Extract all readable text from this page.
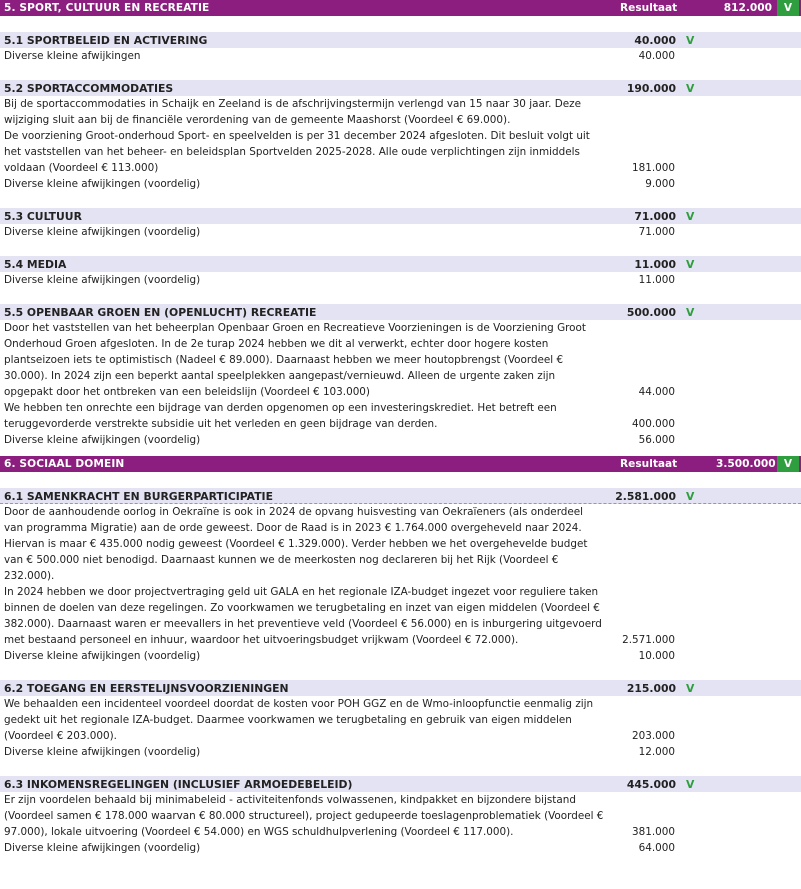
5. SPORT, CULTUUR EN RECREATIE	Resultaat	812.000	V
5.1 SPORTBELEID EN ACTIVERING	40.000 V
Diverse kleine afwijkingen	40.000
5.2 SPORTACCOMMODATIES	190.000 V
Bij de sportaccommodaties in Schaijk en Zeeland is de afschrijvingstermijn verlengd van 15 naar 30 jaar. Deze wijziging sluit aan bij de financiële verordening van de gemeente Maashorst (Voordeel € 69.000).
De voorziening Groot-onderhoud Sport- en speelvelden is per 31 december 2024 afgesloten. Dit besluit volgt uit het vaststellen van het beheer- en beleidsplan Sportvelden 2025-2028. Alle oude verplichtingen zijn inmiddels voldaan (Voordeel € 113.000)	181.000
Diverse kleine afwijkingen (voordelig)	9.000
5.3 CULTUUR	71.000 V
Diverse kleine afwijkingen (voordelig)	71.000
5.4 MEDIA	11.000 V
Diverse kleine afwijkingen (voordelig)	11.000
5.5 OPENBAAR GROEN EN (OPENLUCHT) RECREATIE	500.000 V
Door het vaststellen van het beheerplan Openbaar Groen en Recreatieve Voorzieningen is de Voorziening Groot Onderhoud Groen afgesloten. In de 2e turap 2024 hebben we dit al verwerkt, echter door hogere kosten plantseizoen iets te optimistisch (Nadeel € 89.000). Daarnaast hebben we meer houtopbrengst (Voordeel € 30.000). In 2024 zijn een beperkt aantal speelplekken aangepast/vernieuwd. Alleen de urgente zaken zijn opgepakt door het ontbreken van een beleidslijn (Voordeel € 103.000)	44.000
We hebben ten onrechte een bijdrage van derden opgenomen op een investeringskrediet. Het betreft een teruggevorderde verstrekte subsidie uit het verleden en geen bijdrage van derden.	400.000
Diverse kleine afwijkingen (voordelig)	56.000
6. SOCIAAL DOMEIN	Resultaat	3.500.000 V
6.1 SAMENKRACHT EN BURGERPARTICIPATIE	2.581.000 V
Door de aanhoudende oorlog in Oekraïne is ook in 2024 de opvang huisvesting van Oekraïeners (als onderdeel van programma Migratie) aan de orde geweest. Door de Raad is in 2023 € 1.764.000 overgeheveld naar 2024. Hiervan is maar € 435.000 nodig geweest (Voordeel € 1.329.000). Verder hebben we het overgehevelde budget van € 500.000 niet benodigd. Daarnaast kunnen we de meerkosten nog declareren bij het Rijk (Voordeel € 232.000).
In 2024 hebben we door projectvertraging geld uit GALA en het regionale IZA-budget ingezet voor reguliere taken binnen de doelen van deze regelingen. Zo voorkwamen we terugbetaling en inzet van eigen middelen (Voordeel € 382.000). Daarnaast waren er meevallers in het preventieve veld (Voordeel € 56.000) en is inburgering uitgevoerd met bestaand personeel en inhuur, waardoor het uitvoeringsbudget vrijkwam (Voordeel € 72.000).	2.571.000
Diverse kleine afwijkingen (voordelig)	10.000
6.2 TOEGANG EN EERSTELIJNSVOORZIENINGEN	215.000 V
We behaalden een incidenteel voordeel doordat de kosten voor POH GGZ en de Wmo-inloopfunctie eenmalig zijn gedekt uit het regionale IZA-budget. Daarmee voorkwamen we terugbetaling en gebruik van eigen middelen (Voordeel € 203.000).	203.000
Diverse kleine afwijkingen (voordelig)	12.000
6.3 INKOMENSREGELINGEN (INCLUSIEF ARMOEDEBELEID)	445.000 V
Er zijn voordelen behaald bij minimabeleid - activiteitenfonds volwassenen, kindpakket en bijzondere bijstand (Voordeel samen € 178.000 waarvan € 80.000 structureel), project gedupeerde toeslagenproblematiek (Voordeel € 97.000), lokale uitvoering (Voordeel € 54.000) en WGS schuldhulpverlening (Voordeel € 117.000).	381.000
Diverse kleine afwijkingen (voordelig)	64.000
